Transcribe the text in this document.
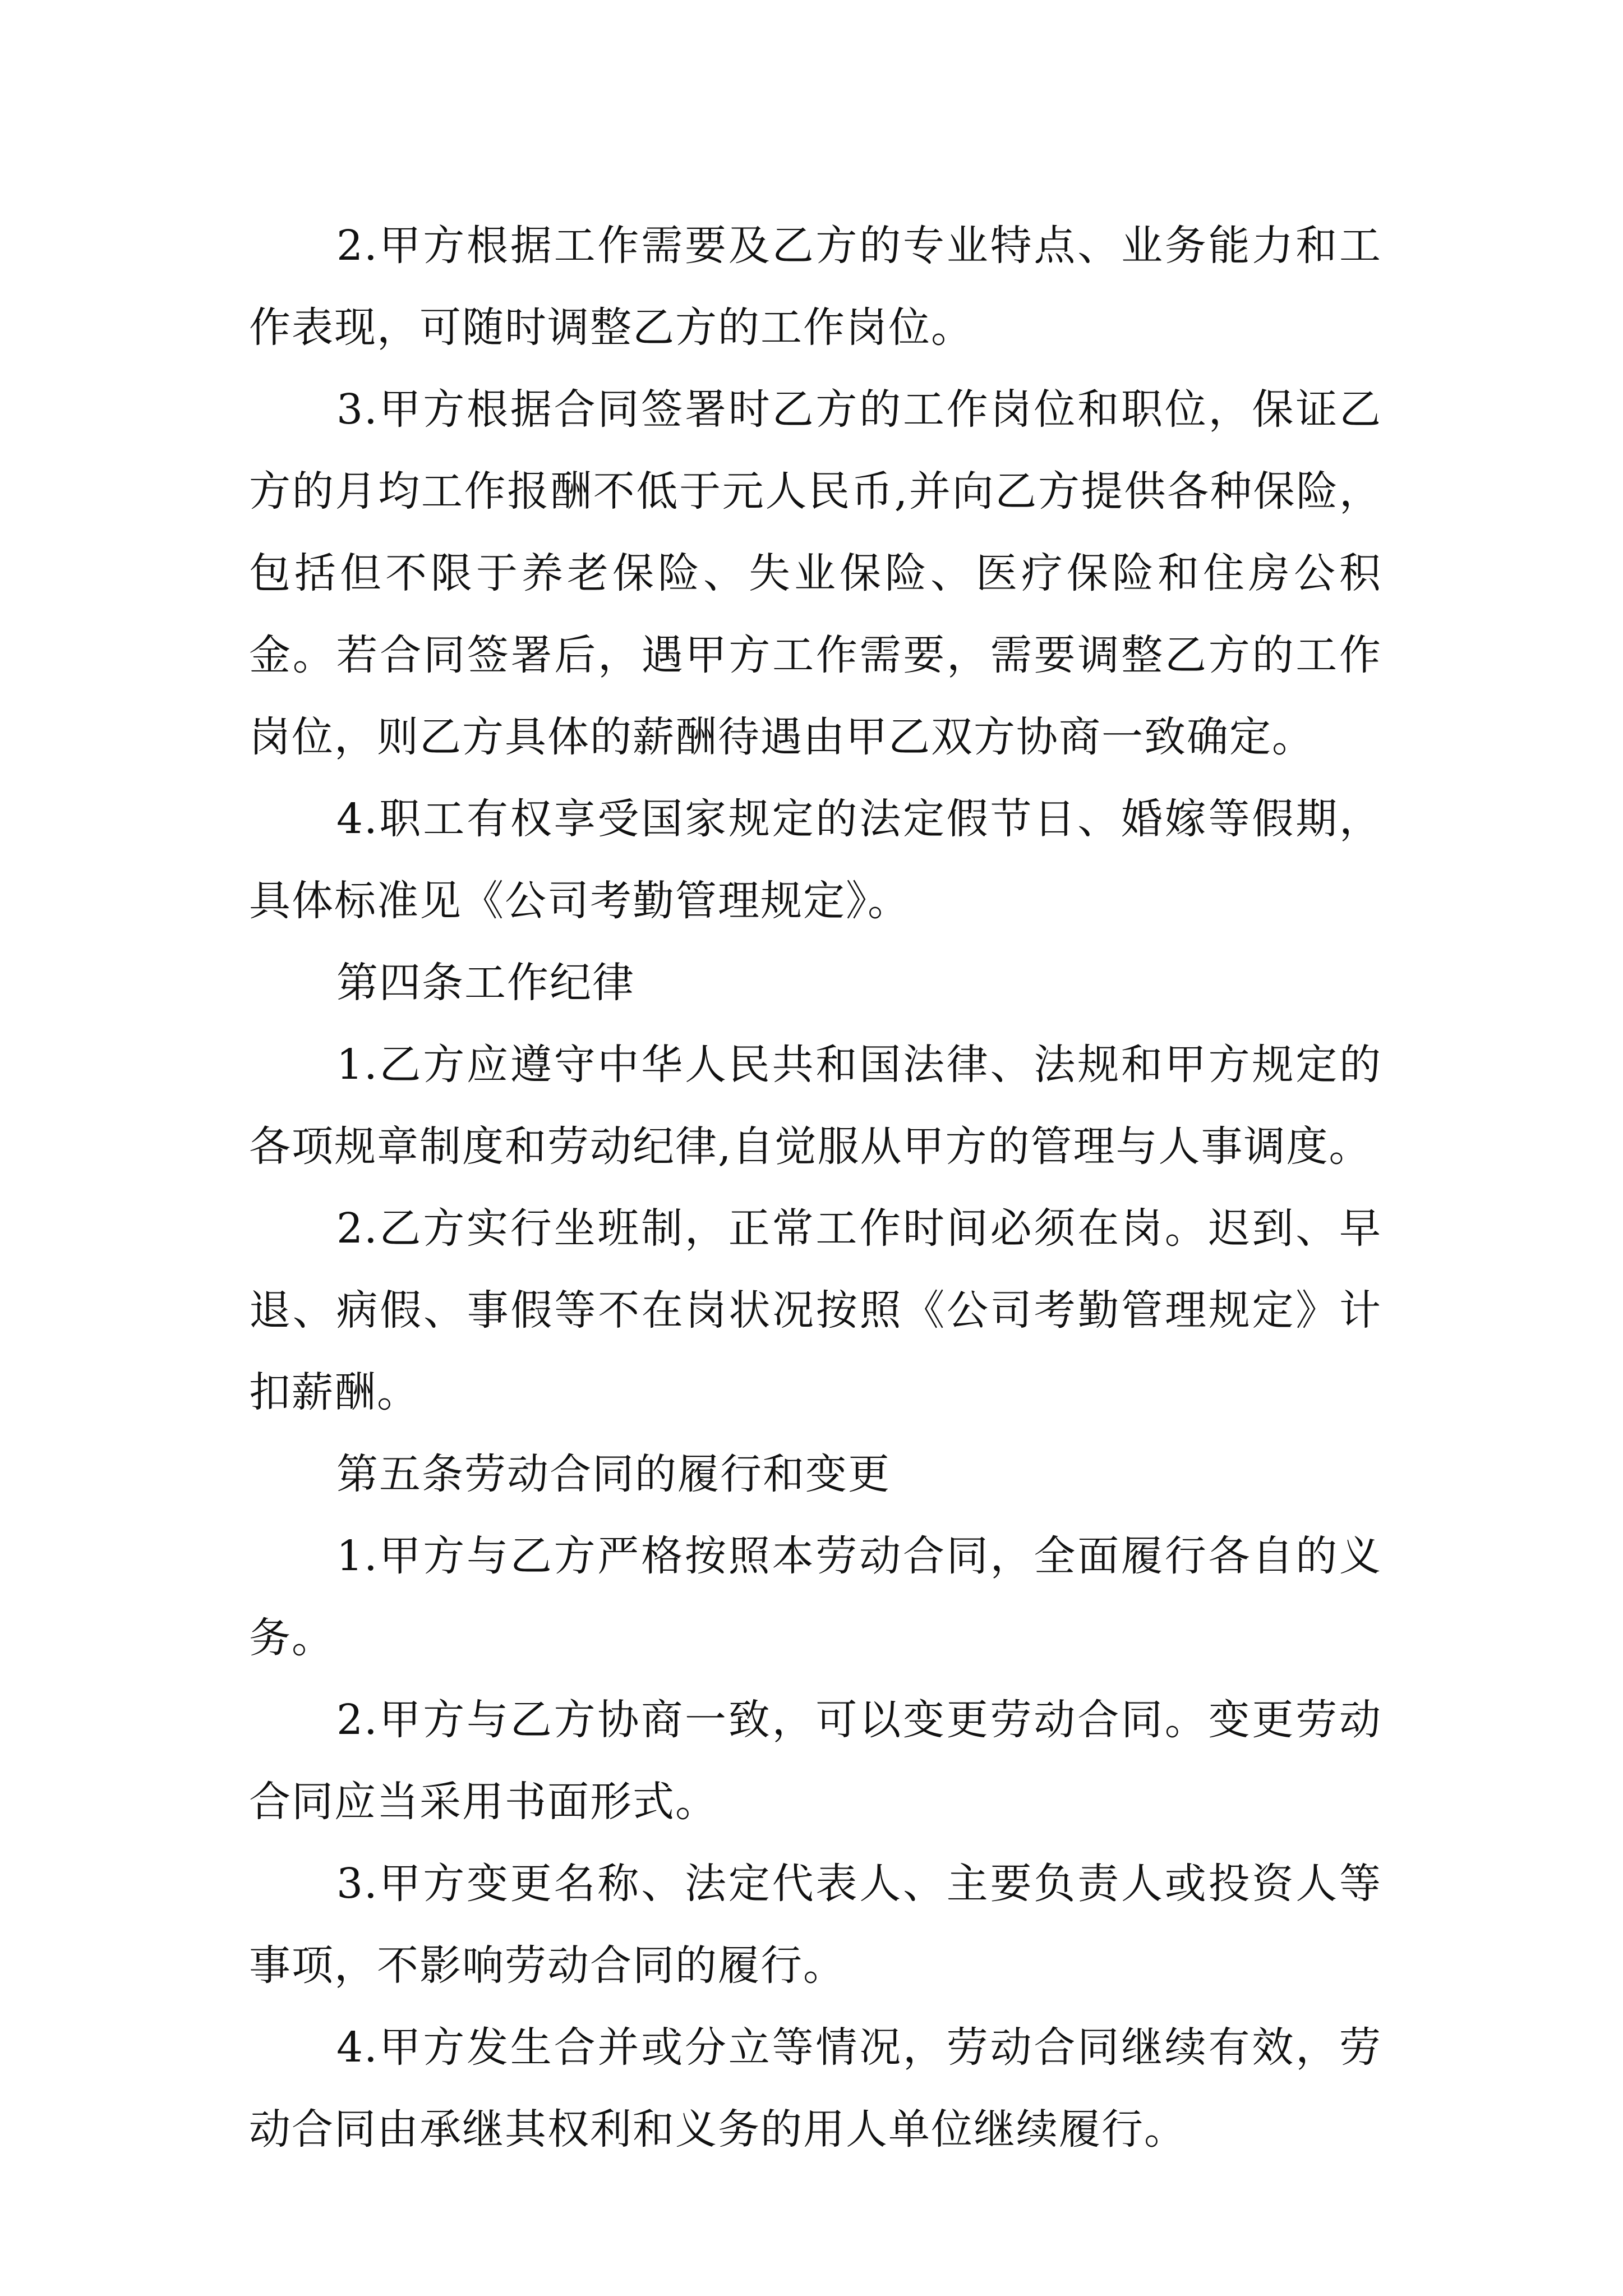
2.甲方根据工作需要及乙方的专业特点、业务能力和工作表现，可随时调整乙方的工作岗位。

3.甲方根据合同签署时乙方的工作岗位和职位，保证乙方的月均工作报酬不低于元人民币,并向乙方提供各种保险，包括但不限于养老保险、失业保险、医疗保险和住房公积金。若合同签署后，遇甲方工作需要，需要调整乙方的工作岗位，则乙方具体的薪酬待遇由甲乙双方协商一致确定。

4.职工有权享受国家规定的法定假节日、婚嫁等假期，具体标准见《公司考勤管理规定》。

第四条工作纪律

1.乙方应遵守中华人民共和国法律、法规和甲方规定的各项规章制度和劳动纪律,自觉服从甲方的管理与人事调度。

2.乙方实行坐班制，正常工作时间必须在岗。迟到、早退、病假、事假等不在岗状况按照《公司考勤管理规定》计扣薪酬。

第五条劳动合同的履行和变更

1.甲方与乙方严格按照本劳动合同，全面履行各自的义务。

2.甲方与乙方协商一致，可以变更劳动合同。变更劳动合同应当采用书面形式。

3.甲方变更名称、法定代表人、主要负责人或投资人等事项，不影响劳动合同的履行。

4.甲方发生合并或分立等情况，劳动合同继续有效，劳动合同由承继其权利和义务的用人单位继续履行。
